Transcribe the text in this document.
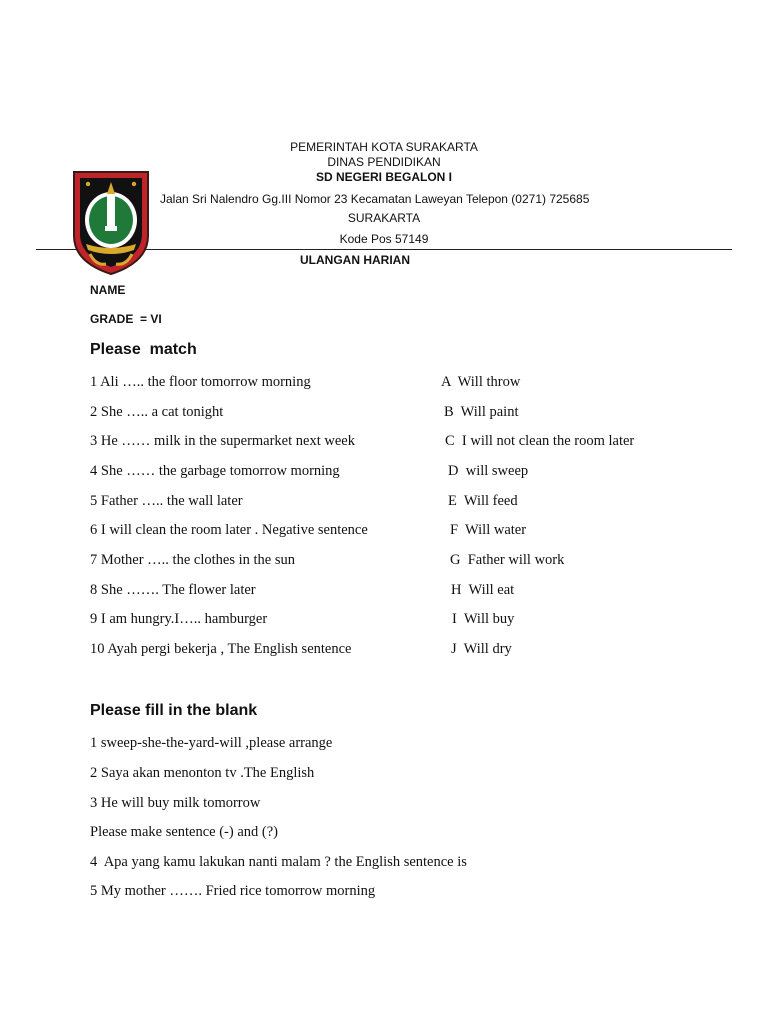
PEMERINTAH KOTA SURAKARTA
DINAS PENDIDIKAN
SD NEGERI BEGALON I
Jalan Sri Nalendro Gg.III Nomor 23 Kecamatan Laweyan Telepon (0271) 725685
SURAKARTA
Kode Pos 57149
ULANGAN HARIAN
NAME
GRADE  = VI
Please  match
1 Ali ….. the floor tomorrow morning
2 She ….. a cat tonight
3 He …… milk in the supermarket next week
4 She …… the garbage tomorrow morning
5 Father ….. the wall later
6 I will clean the room later . Negative sentence
7 Mother ….. the clothes in the sun
8 She ……. The flower later
9 I am hungry.I….. hamburger
10 Ayah pergi bekerja , The English sentence
A  Will throw
B  Will paint
C  I will not clean the room later
D  will sweep
E  Will feed
F  Will water
G  Father will work
H  Will eat
I  Will buy
J  Will dry
Please fill in the blank
1 sweep-she-the-yard-will ,please arrange
2 Saya akan menonton tv .The English
3 He will buy milk tomorrow
Please make sentence (-) and (?)
4  Apa yang kamu lakukan nanti malam ? the English sentence is
5 My mother ……. Fried rice tomorrow morning
